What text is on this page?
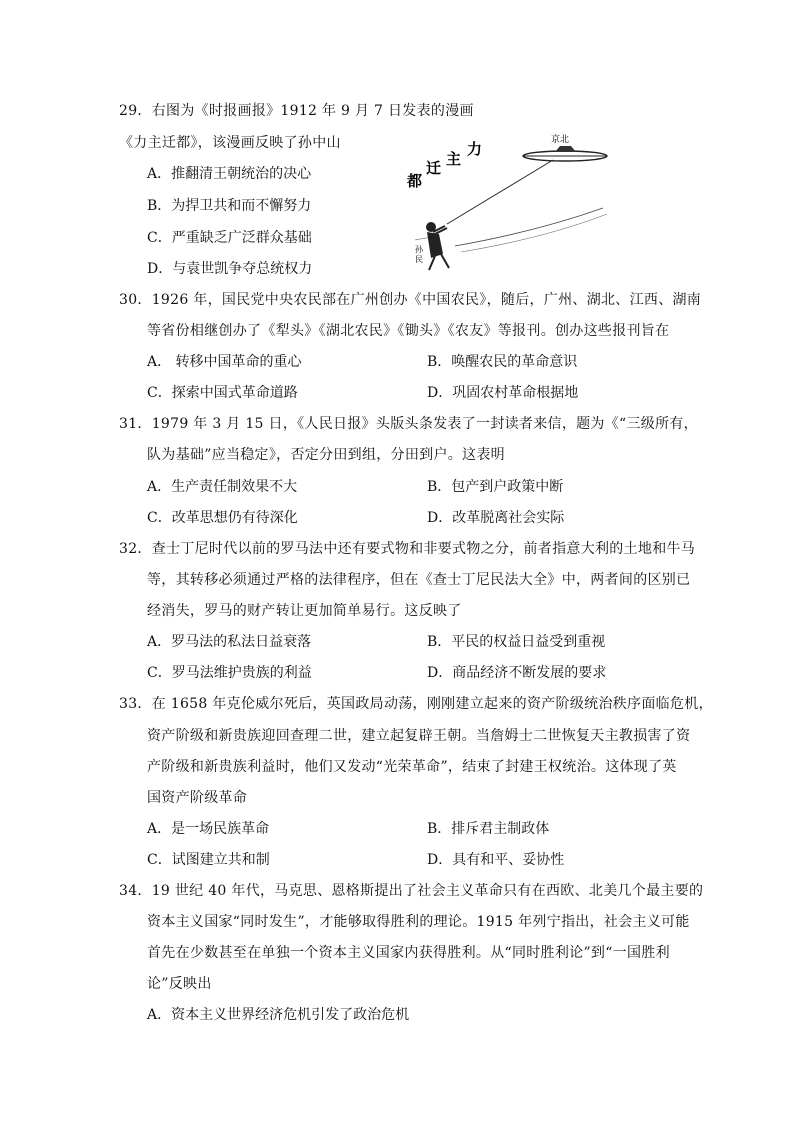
29．右图为《时报画报》1912 年 9 月 7 日发表的漫画
《力主迁都》，该漫画反映了孙中山
A．推翻清王朝统治的决心
B．为捍卫共和而不懈努力
C．严重缺乏广泛群众基础
D．与袁世凯争夺总统权力
力
主
迁
都
京北
孙
民
30．1926 年，国民党中央农民部在广州创办《中国农民》，随后，广州、湖北、江西、湖南
等省份相继创办了《犁头》《湖北农民》《锄头》《农友》等报刊。创办这些报刊旨在
A． 转移中国革命的重心	B．唤醒农民的革命意识
C．探索中国式革命道路	D．巩固农村革命根据地
31．1979 年 3 月 15 日，《人民日报》头版头条发表了一封读者来信，题为《“三级所有，
队为基础”应当稳定》，否定分田到组，分田到户。这表明
A．生产责任制效果不大	B．包产到户政策中断
C．改革思想仍有待深化	D．改革脱离社会实际
32．查士丁尼时代以前的罗马法中还有要式物和非要式物之分，前者指意大利的土地和牛马
等，其转移必须通过严格的法律程序，但在《查士丁尼民法大全》中，两者间的区别已
经消失，罗马的财产转让更加简单易行。这反映了
A．罗马法的私法日益衰落	B．平民的权益日益受到重视
C．罗马法维护贵族的利益	D．商品经济不断发展的要求
33．在 1658 年克伦威尔死后，英国政局动荡，刚刚建立起来的资产阶级统治秩序面临危机，
资产阶级和新贵族迎回查理二世，建立起复辟王朝。当詹姆士二世恢复天主教损害了资
产阶级和新贵族利益时，他们又发动“光荣革命”，结束了封建王权统治。这体现了英
国资产阶级革命
A．是一场民族革命	B．排斥君主制政体
C．试图建立共和制	D．具有和平、妥协性
34．19 世纪 40 年代，马克思、恩格斯提出了社会主义革命只有在西欧、北美几个最主要的
资本主义国家“同时发生”，才能够取得胜利的理论。1915 年列宁指出，社会主义可能
首先在少数甚至在单独一个资本主义国家内获得胜利。从“同时胜利论”到“一国胜利
论”反映出
A．资本主义世界经济危机引发了政治危机
